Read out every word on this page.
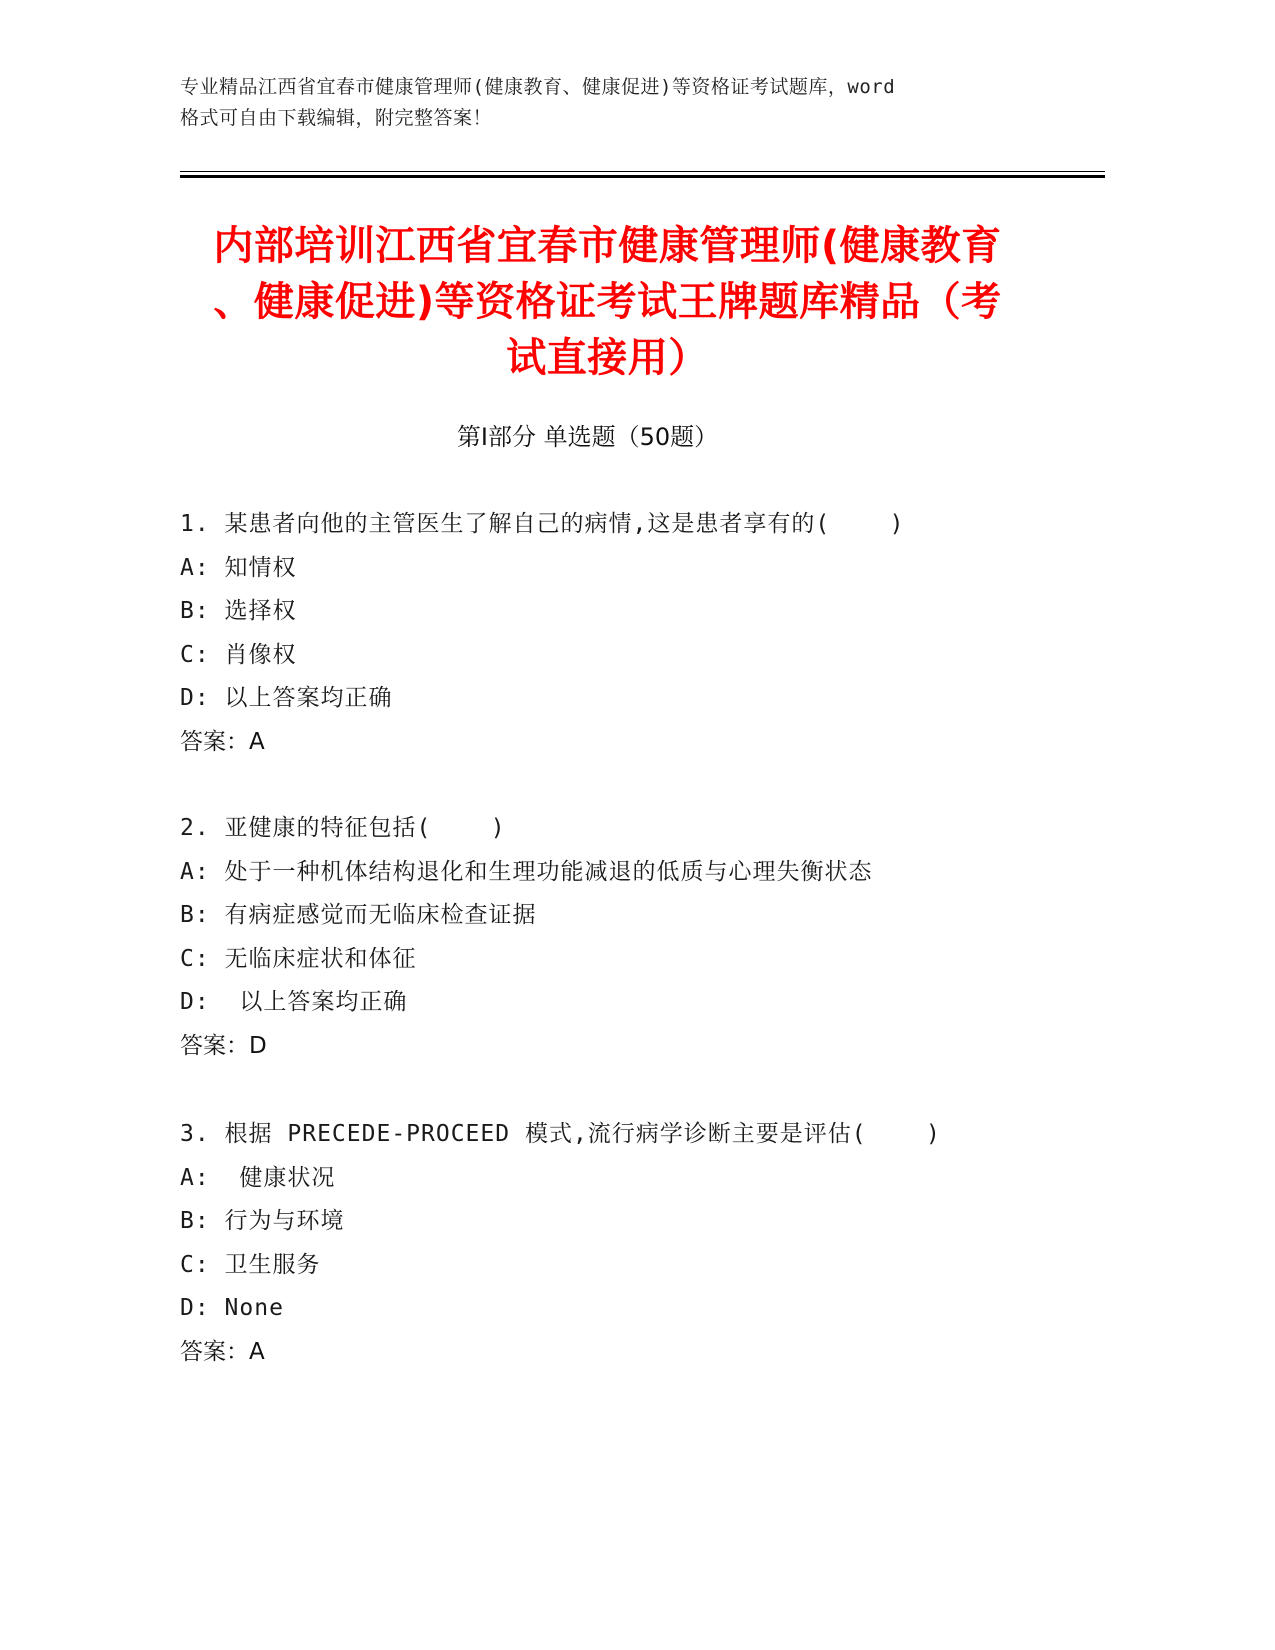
专业精品江西省宜春市健康管理师(健康教育、健康促进)等资格证考试题库，word
格式可自由下载编辑，附完整答案！
内部培训江西省宜春市健康管理师(健康教育
、健康促进)等资格证考试王牌题库精品（考
试直接用）
第Ⅰ部分 单选题（50题）
1. 某患者向他的主管医生了解自己的病情,这是患者享有的(    )
A: 知情权
B: 选择权
C: 肖像权
D: 以上答案均正确
答案：A
2. 亚健康的特征包括(    )
A: 处于一种机体结构退化和生理功能减退的低质与心理失衡状态
B: 有病症感觉而无临床检查证据
C: 无临床症状和体征
D:  以上答案均正确
答案：D
3. 根据 PRECEDE-PROCEED 模式,流行病学诊断主要是评估(    )
A:  健康状况
B: 行为与环境
C: 卫生服务
D: None
答案：A
